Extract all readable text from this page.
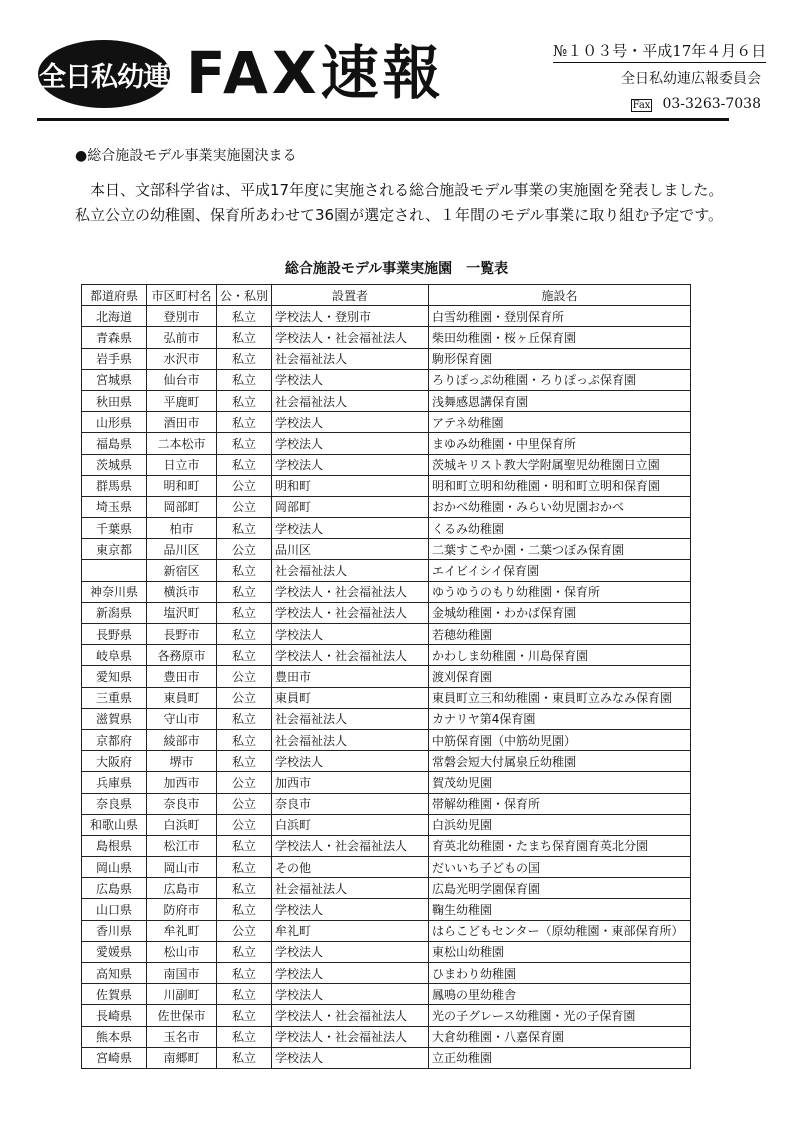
全日私幼連 FAX速報	№１０３号・平成17年４月６日
全日私幼連広報委員会
Fax 03-3263-7038
●総合施設モデル事業実施園決まる

　本日、文部科学省は、平成17年度に実施される総合施設モデル事業の実施園を発表しました。

私立公立の幼稚園、保育所あわせて36園が選定され、１年間のモデル事業に取り組む予定です。

総合施設モデル事業実施園　一覧表
都道府県	市区町村名	公・私別	設置者	施設名
北海道	登別市	私立	学校法人・登別市	白雪幼稚園・登別保育所
青森県	弘前市	私立	学校法人・社会福祉法人	柴田幼稚園・桜ヶ丘保育園
岩手県	水沢市	私立	社会福祉法人	駒形保育園
宮城県	仙台市	私立	学校法人	ろりぽっぷ幼稚園・ろりぽっぷ保育園
秋田県	平鹿町	私立	社会福祉法人	浅舞感恩講保育園
山形県	酒田市	私立	学校法人	アテネ幼稚園
福島県	二本松市	私立	学校法人	まゆみ幼稚園・中里保育所
茨城県	日立市	私立	学校法人	茨城キリスト教大学附属聖児幼稚園日立園
群馬県	明和町	公立	明和町	明和町立明和幼稚園・明和町立明和保育園
埼玉県	岡部町	公立	岡部町	おかべ幼稚園・みらい幼児園おかべ
千葉県	柏市	私立	学校法人	くるみ幼稚園
東京都	品川区	公立	品川区	二葉すこやか園・二葉つぼみ保育園
	新宿区	私立	社会福祉法人	エイビイシイ保育園
神奈川県	横浜市	私立	学校法人・社会福祉法人	ゆうゆうのもり幼稚園・保育所
新潟県	塩沢町	私立	学校法人・社会福祉法人	金城幼稚園・わかば保育園
長野県	長野市	私立	学校法人	若穂幼稚園
岐阜県	各務原市	私立	学校法人・社会福祉法人	かわしま幼稚園・川島保育園
愛知県	豊田市	公立	豊田市	渡刈保育園
三重県	東員町	公立	東員町	東員町立三和幼稚園・東員町立みなみ保育園
滋賀県	守山市	私立	社会福祉法人	カナリヤ第4保育園
京都府	綾部市	私立	社会福祉法人	中筋保育園（中筋幼児園）
大阪府	堺市	私立	学校法人	常磐会短大付属泉丘幼稚園
兵庫県	加西市	公立	加西市	賀茂幼児園
奈良県	奈良市	公立	奈良市	帯解幼稚園・保育所
和歌山県	白浜町	公立	白浜町	白浜幼児園
島根県	松江市	私立	学校法人・社会福祉法人	育英北幼稚園・たまち保育園育英北分園
岡山県	岡山市	私立	その他	だいいち子どもの国
広島県	広島市	私立	社会福祉法人	広島光明学園保育園
山口県	防府市	私立	学校法人	鞠生幼稚園
香川県	牟礼町	公立	牟礼町	はらこどもセンター（原幼稚園・東部保育所）
愛媛県	松山市	私立	学校法人	東松山幼稚園
高知県	南国市	私立	学校法人	ひまわり幼稚園
佐賀県	川副町	私立	学校法人	鳳鳴の里幼稚舎
長崎県	佐世保市	私立	学校法人・社会福祉法人	光の子グレース幼稚園・光の子保育園
熊本県	玉名市	私立	学校法人・社会福祉法人	大倉幼稚園・八嘉保育園
宮崎県	南郷町	私立	学校法人	立正幼稚園
